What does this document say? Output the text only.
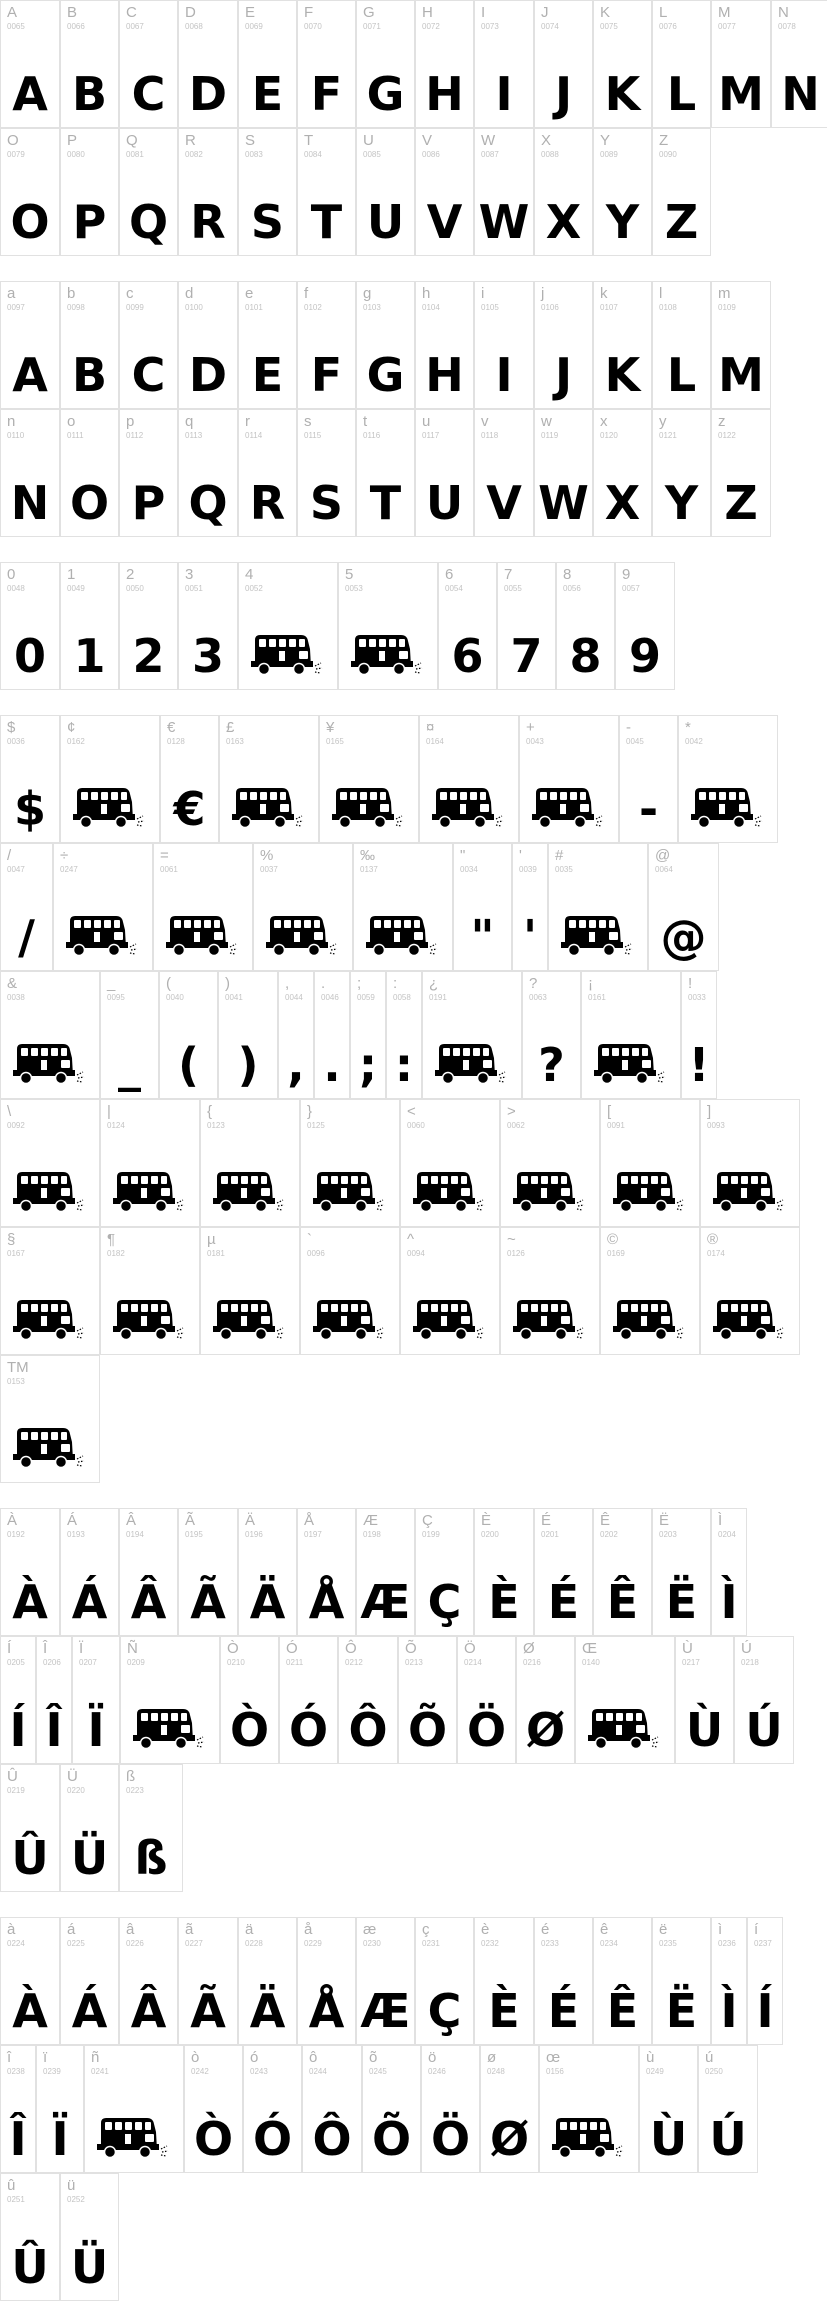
A
0065
A
B
0066
B
C
0067
C
D
0068
D
E
0069
E
F
0070
F
G
0071
G
H
0072
H
I
0073
I
J
0074
J
K
0075
K
L
0076
L
M
0077
M
N
0078
N
O
0079
O
P
0080
P
Q
0081
Q
R
0082
R
S
0083
S
T
0084
T
U
0085
U
V
0086
V
W
0087
W
X
0088
X
Y
0089
Y
Z
0090
Z
a
0097
A
b
0098
B
c
0099
C
d
0100
D
e
0101
E
f
0102
F
g
0103
G
h
0104
H
i
0105
I
j
0106
J
k
0107
K
l
0108
L
m
0109
M
n
0110
N
o
0111
O
p
0112
P
q
0113
Q
r
0114
R
s
0115
S
t
0116
T
u
0117
U
v
0118
V
w
0119
W
x
0120
X
y
0121
Y
z
0122
Z
0
0048
0
1
0049
1
2
0050
2
3
0051
3
4
0052
5
0053
6
0054
6
7
0055
7
8
0056
8
9
0057
9
$
0036
$
¢
0162
€
0128
€
£
0163
¥
0165
¤
0164
+
0043
-
0045
-
*
0042
/
0047
/
÷
0247
=
0061
%
0037
‰
0137
"
0034
"
'
0039
'
#
0035
@
0064
@
&
0038
_
0095
_
(
0040
(
)
0041
)
,
0044
,
.
0046
.
;
0059
;
:
0058
:
¿
0191
?
0063
?
¡
0161
!
0033
!
\
0092
|
0124
{
0123
}
0125
<
0060
>
0062
[
0091
]
0093
§
0167
¶
0182
µ
0181
`
0096
^
0094
~
0126
©
0169
®
0174
TM
0153
À
0192
À
Á
0193
Á
Â
0194
Â
Ã
0195
Ã
Ä
0196
Ä
Å
0197
Å
Æ
0198
Æ
Ç
0199
Ç
È
0200
È
É
0201
É
Ê
0202
Ê
Ë
0203
Ë
Ì
0204
Ì
Í
0205
Í
Î
0206
Î
Ï
0207
Ï
Ñ
0209
Ò
0210
Ò
Ó
0211
Ó
Ô
0212
Ô
Õ
0213
Õ
Ö
0214
Ö
Ø
0216
Ø
Œ
0140
Ù
0217
Ù
Ú
0218
Ú
Û
0219
Û
Ü
0220
Ü
ß
0223
ß
à
0224
À
á
0225
Á
â
0226
Â
ã
0227
Ã
ä
0228
Ä
å
0229
Å
æ
0230
Æ
ç
0231
Ç
è
0232
È
é
0233
É
ê
0234
Ê
ë
0235
Ë
ì
0236
Ì
í
0237
Í
î
0238
Î
ï
0239
Ï
ñ
0241
ò
0242
Ò
ó
0243
Ó
ô
0244
Ô
õ
0245
Õ
ö
0246
Ö
ø
0248
Ø
œ
0156
ù
0249
Ù
ú
0250
Ú
û
0251
Û
ü
0252
Ü
